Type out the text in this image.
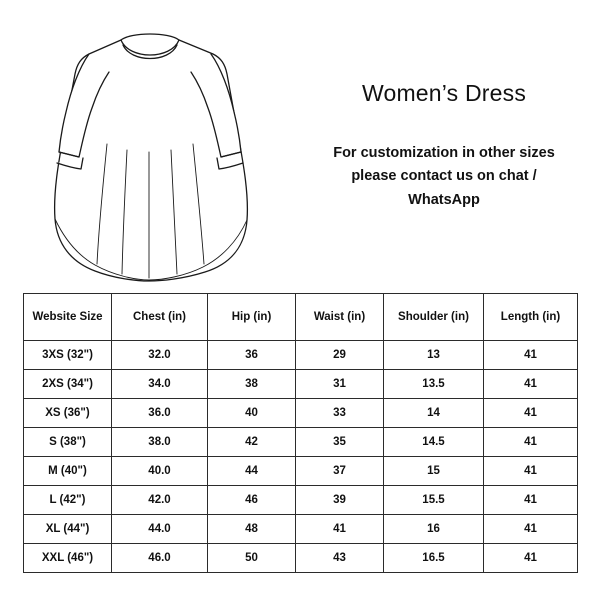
Women’s Dress

For customization in other sizes please contact us on chat / WhatsApp

Website Size	Chest (in)	Hip (in)	Waist (in)	Shoulder (in)	Length (in)
3XS (32")	32.0	36	29	13	41
2XS (34")	34.0	38	31	13.5	41
XS (36")	36.0	40	33	14	41
S (38")	38.0	42	35	14.5	41
M (40")	40.0	44	37	15	41
L (42")	42.0	46	39	15.5	41
XL (44")	44.0	48	41	16	41
XXL (46")	46.0	50	43	16.5	41
